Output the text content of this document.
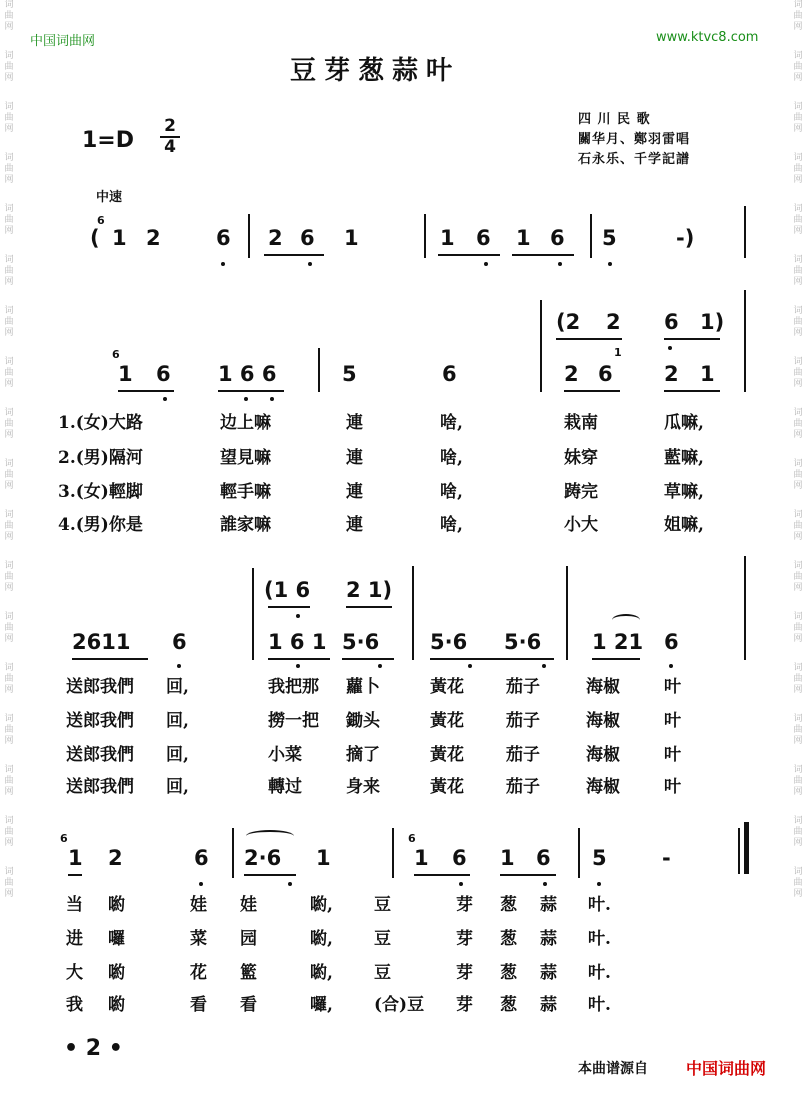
词
曲
网
词
曲
网
词
曲
网
词
曲
网
词
曲
网
词
曲
网
词
曲
网
词
曲
网
词
曲
网
词
曲
网
词
曲
网
词
曲
网
词
曲
网
词
曲
网
词
曲
网
词
曲
网
词
曲
网
词
曲
网
词
曲
网
词
曲
网
词
曲
网
词
曲
网
词
曲
网
词
曲
网
词
曲
网
词
曲
网
词
曲
网
词
曲
网
词
曲
网
词
曲
网
词
曲
网
词
曲
网
词
曲
网
词
曲
网
词
曲
网
词
曲
网
中国词曲网	www.ktvc8.com
豆芽葱蒜叶
四 川 民 歌
關华月、鄭羽雷唱
石永乐、千学記譜
1=D
2
4
中速
6
( 1 2	6 2 6 1	1 6 1 6 5	-)
(2 2 6 1)
6
1 6 1 6 6	5	6	2 6
1
2 1
1.(女)大路	边上嘛	連	啥,	栽南	瓜嘛,
2.(男)隔河	望見嘛	連	啥,	妹穿	藍嘛,
3.(女)輕脚	輕手嘛	連	啥,	踌完	草嘛,
4.(男)你是	誰家嘛	連	啥,	小大	姐嘛,
(1 6 2 1)
2611 6	1 6 1 5·6 5·6 5·6 1 21 6
送郎我們 回,	我把那 蘿卜	黃花 茄子	海椒	叶
送郎我們 回,	撈一把 鋤头	黃花 茄子	海椒	叶
送郎我們 回,	小菜	摘了	黃花 茄子	海椒	叶
送郎我們 回,	轉过	身来	黃花 茄子	海椒	叶
6
1 2	6 2·6 1
6
1 6 1 6 5	-
当 喲	娃 娃	喲, 豆	芽 葱 蒜 叶.
进 囉	菜 园	喲, 豆	芽 葱 蒜 叶.
大 喲	花 籃	喲, 豆	芽 葱 蒜 叶.
我 喲	看 看	囉, (合)豆 芽 葱 蒜 叶.
• 2 •
本曲谱源自 中国词曲网
